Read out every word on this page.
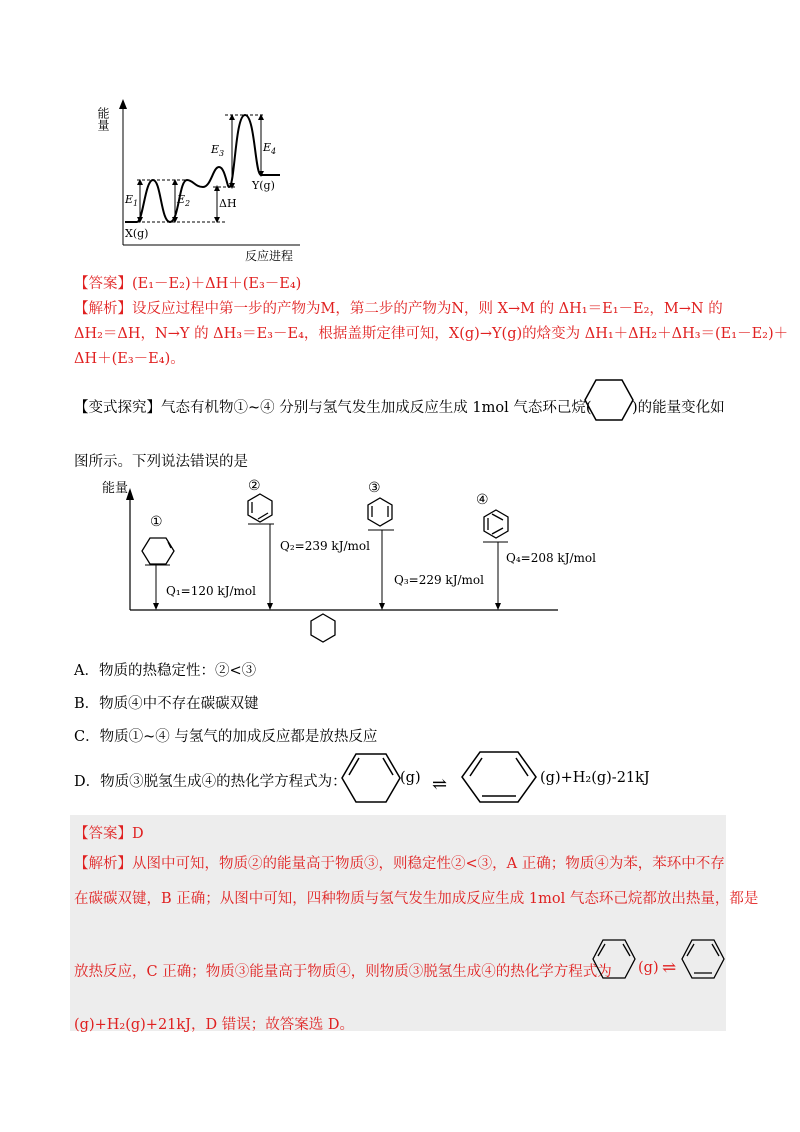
能量
$E_1$	$E_2$
$E_3$	$E_4$
ΔH
X(g)
Y(g)
反应进程
【答案】(E₁－E₂)＋ΔH＋(E₃－E₄)
【解析】设反应过程中第一步的产物为M，第二步的产物为N，则 X→M 的 ΔH₁＝E₁－E₂，M→N 的
ΔH₂＝ΔH，N→Y 的 ΔH₃＝E₃－E₄，根据盖斯定律可知，X(g)→Y(g)的焓变为 ΔH₁＋ΔH₂＋ΔH₃＝(E₁－E₂)＋
ΔH＋(E₃－E₄)。
【变式探究】气态有机物①~④ 分别与氢气发生加成反应生成 1mol 气态环己烷(	)的能量变化如
图所示。下列说法错误的是
能量
①
Q₁=120 kJ/mol
②
Q₂=239 kJ/mol
③
Q₃=229 kJ/mol
④
Q₄=208 kJ/mol
A．物质的热稳定性：②<③
B．物质④中不存在碳碳双键
C．物质①~④ 与氢气的加成反应都是放热反应
D．物质③脱氢生成④的热化学方程式为：	(g) ⇌	(g)+H₂(g)-21kJ
【答案】D
【解析】从图中可知，物质②的能量高于物质③，则稳定性②<③，A 正确；物质④为苯，苯环中不存
在碳碳双键，B 正确；从图中可知，四种物质与氢气发生加成反应生成 1mol 气态环己烷都放出热量，都是
放热反应，C 正确；物质③能量高于物质④，则物质③脱氢生成④的热化学方程式为 (g) ⇌
(g)+H₂(g)+21kJ，D 错误；故答案选 D。
